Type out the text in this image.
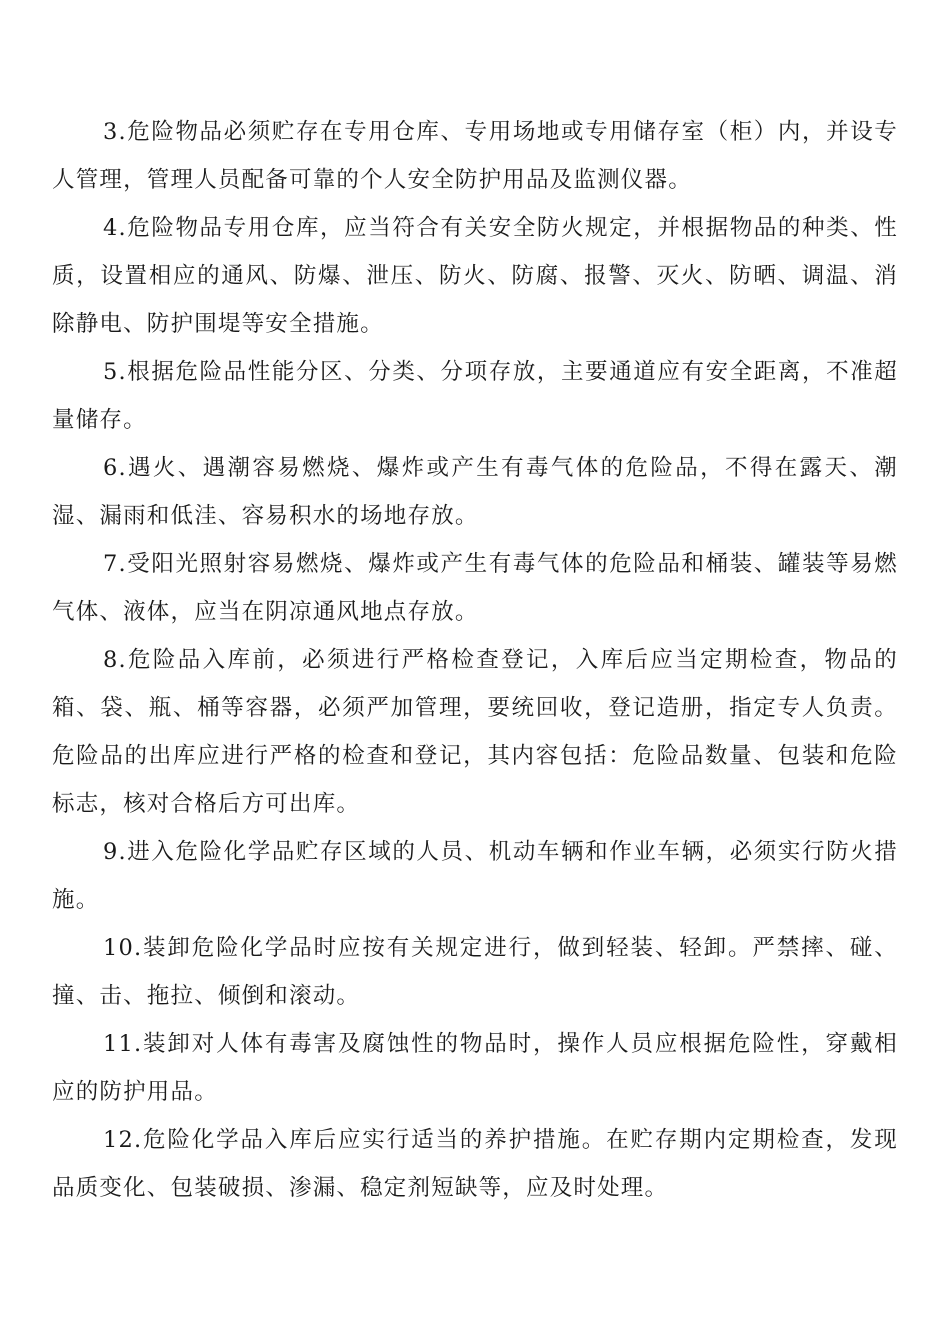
3.危险物品必须贮存在专用仓库、专用场地或专用储存室（柜）内，并设专人管理，管理人员配备可靠的个人安全防护用品及监测仪器。

4.危险物品专用仓库，应当符合有关安全防火规定，并根据物品的种类、性质，设置相应的通风、防爆、泄压、防火、防腐、报警、灭火、防晒、调温、消除静电、防护围堤等安全措施。

5.根据危险品性能分区、分类、分项存放，主要通道应有安全距离，不准超量储存。

6.遇火、遇潮容易燃烧、爆炸或产生有毒气体的危险品，不得在露天、潮湿、漏雨和低洼、容易积水的场地存放。

7.受阳光照射容易燃烧、爆炸或产生有毒气体的危险品和桶装、罐装等易燃气体、液体，应当在阴凉通风地点存放。

8.危险品入库前，必须进行严格检查登记，入库后应当定期检查，物品的箱、袋、瓶、桶等容器，必须严加管理，要统回收，登记造册，指定专人负责。危险品的出库应进行严格的检查和登记，其内容包括：危险品数量、包装和危险标志，核对合格后方可出库。

9.进入危险化学品贮存区域的人员、机动车辆和作业车辆，必须实行防火措施。

10.装卸危险化学品时应按有关规定进行，做到轻装、轻卸。严禁摔、碰、撞、击、拖拉、倾倒和滚动。

11.装卸对人体有毒害及腐蚀性的物品时，操作人员应根据危险性，穿戴相应的防护用品。

12.危险化学品入库后应实行适当的养护措施。在贮存期内定期检查，发现品质变化、包装破损、渗漏、稳定剂短缺等，应及时处理。
